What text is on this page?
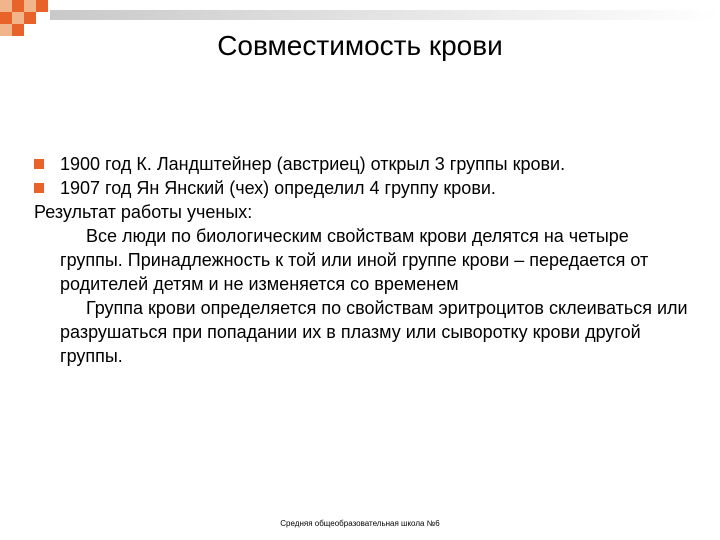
Совместимость крови
1900 год К. Ландштейнер (австриец) открыл 3 группы крови.
1907 год Ян Янский (чех) определил 4 группу крови.
Результат работы ученых:
Все люди по биологическим свойствам крови делятся на четыре группы. Принадлежность к той или иной группе крови – передается от родителей детям и не изменяется со временем
Группа крови определяется по свойствам эритроцитов склеиваться или разрушаться при попадании их в плазму или сыворотку крови другой группы.
Средняя общеобразовательная школа №6
